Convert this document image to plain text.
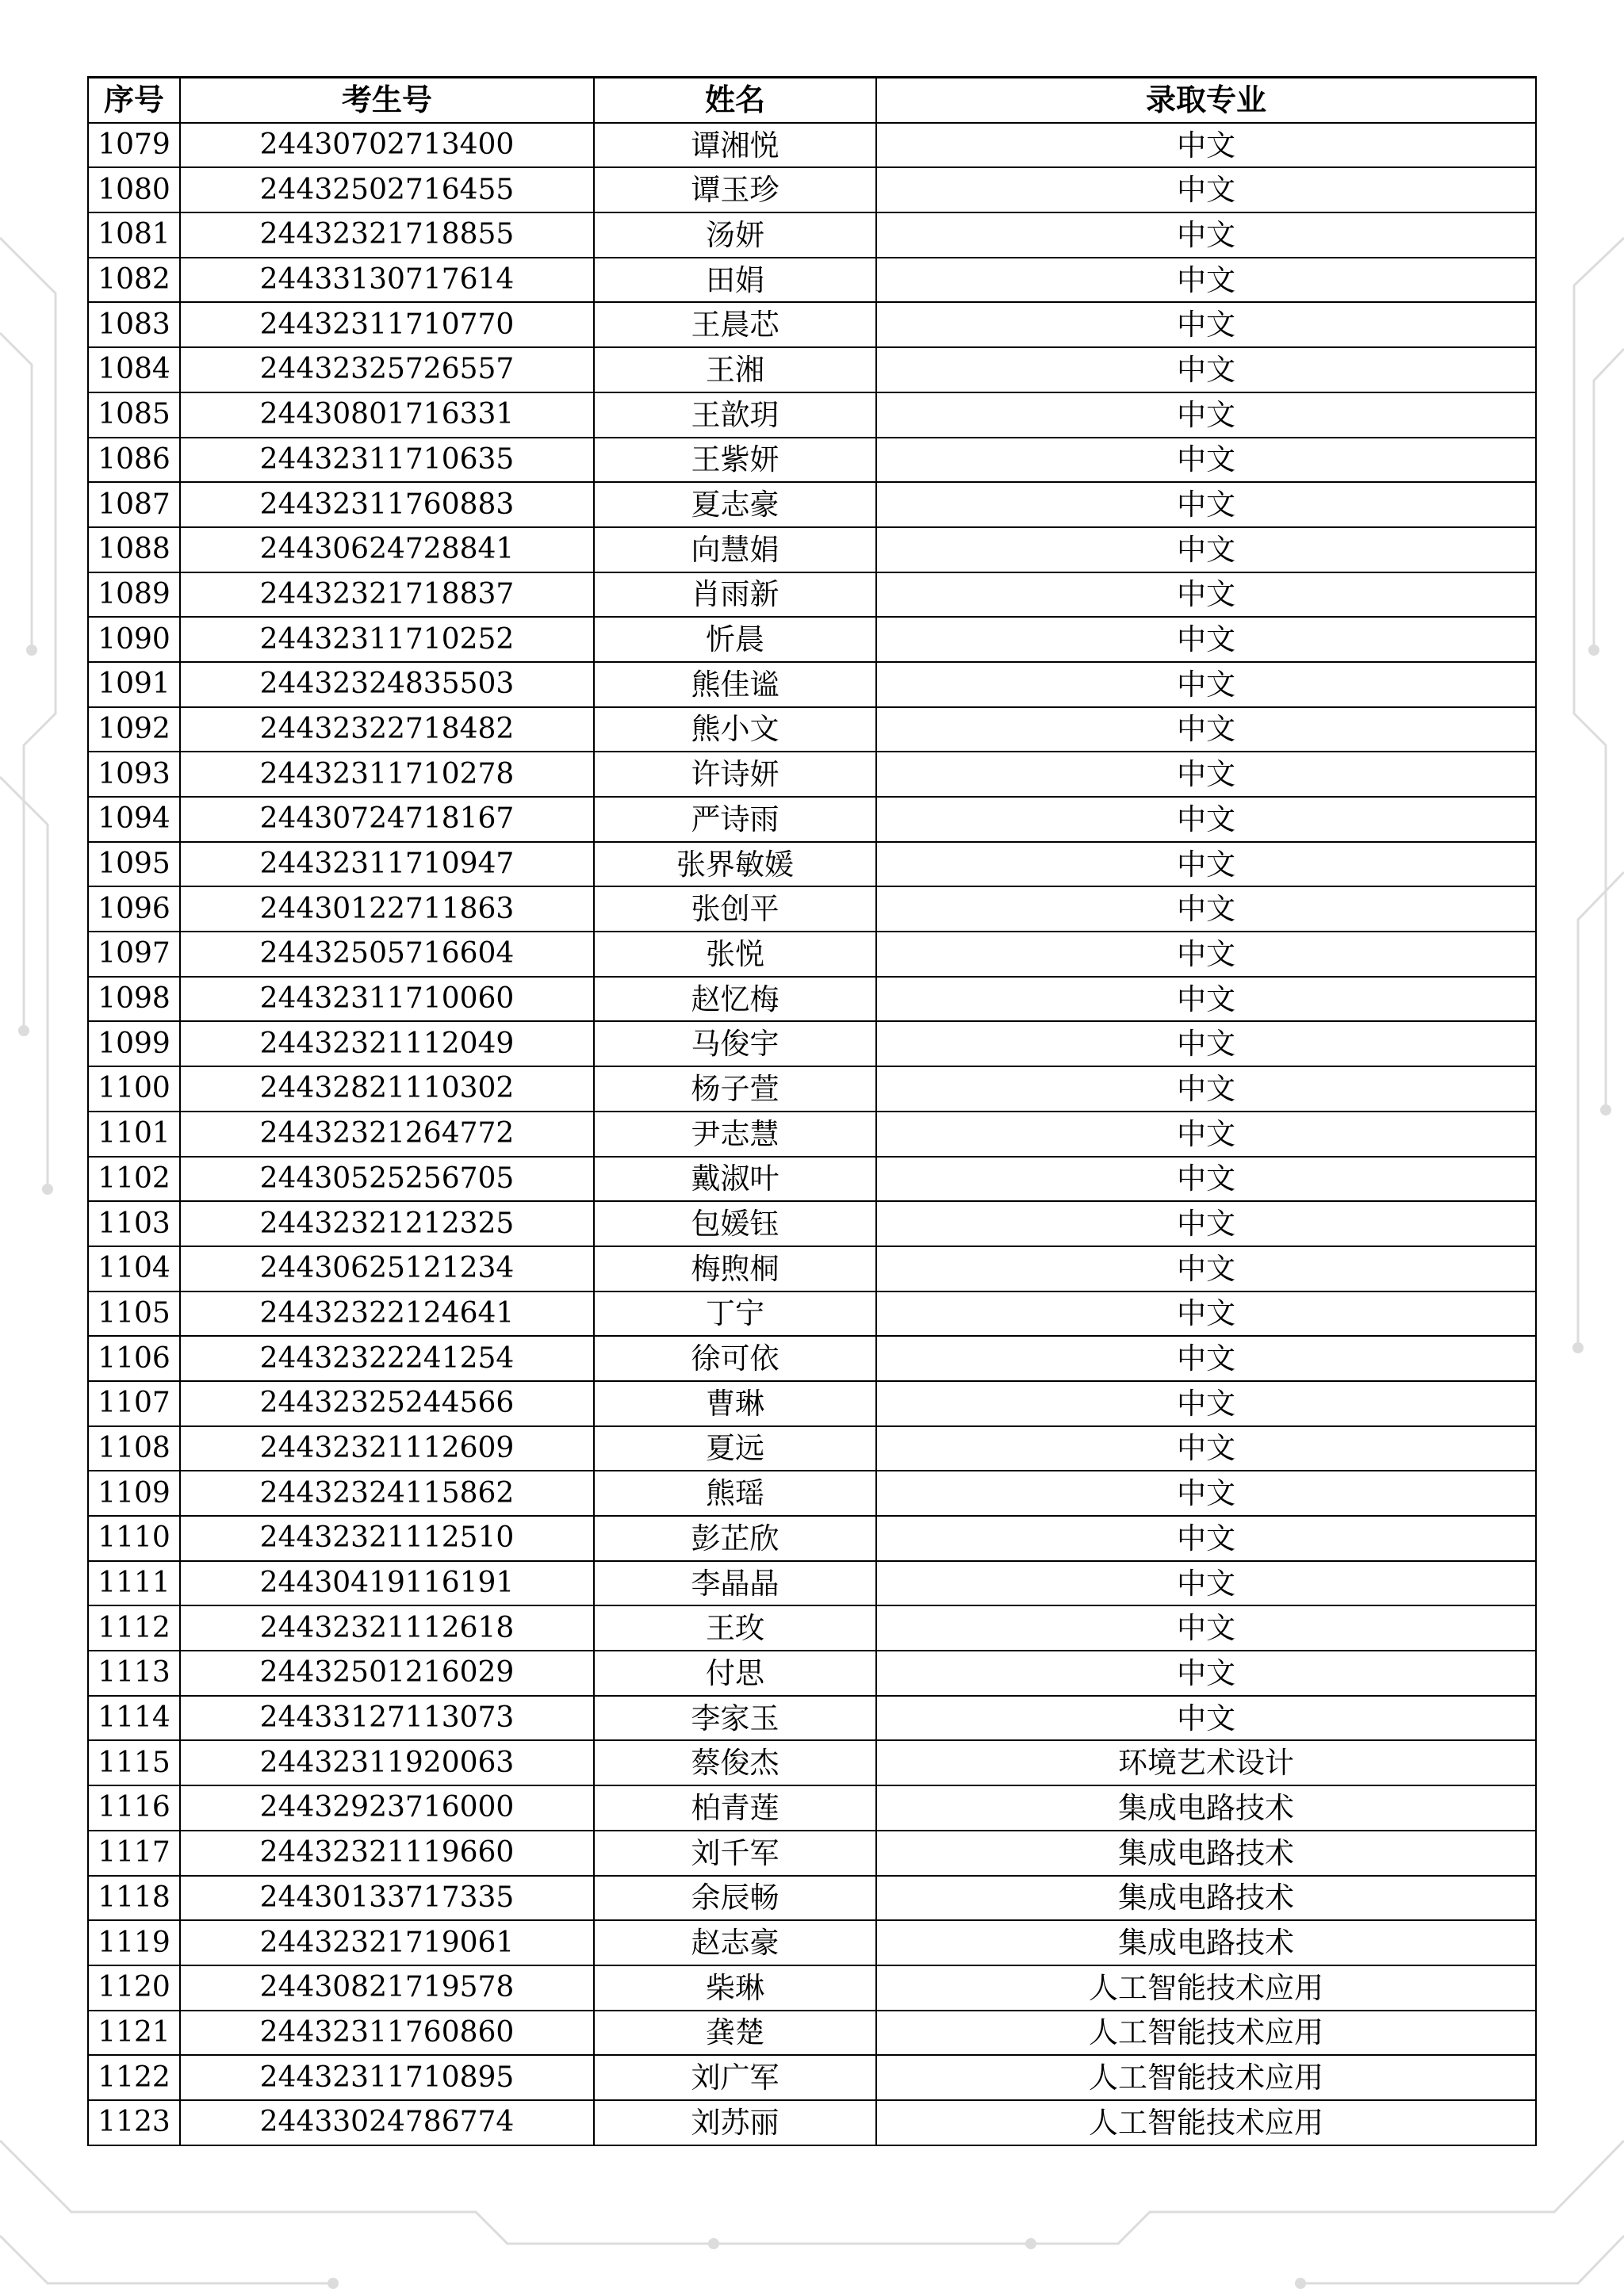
序号	考生号	姓名	录取专业
1079	24430702713400	谭湘悦	中文
1080	24432502716455	谭玉珍	中文
1081	24432321718855	汤妍	中文
1082	24433130717614	田娟	中文
1083	24432311710770	王晨芯	中文
1084	24432325726557	王湘	中文
1085	24430801716331	王歆玥	中文
1086	24432311710635	王紫妍	中文
1087	24432311760883	夏志豪	中文
1088	24430624728841	向慧娟	中文
1089	24432321718837	肖雨新	中文
1090	24432311710252	忻晨	中文
1091	24432324835503	熊佳谧	中文
1092	24432322718482	熊小文	中文
1093	24432311710278	许诗妍	中文
1094	24430724718167	严诗雨	中文
1095	24432311710947	张界敏媛	中文
1096	24430122711863	张创平	中文
1097	24432505716604	张悦	中文
1098	24432311710060	赵忆梅	中文
1099	24432321112049	马俊宇	中文
1100	24432821110302	杨子萱	中文
1101	24432321264772	尹志慧	中文
1102	24430525256705	戴淑叶	中文
1103	24432321212325	包媛钰	中文
1104	24430625121234	梅煦桐	中文
1105	24432322124641	丁宁	中文
1106	24432322241254	徐可依	中文
1107	24432325244566	曹琳	中文
1108	24432321112609	夏远	中文
1109	24432324115862	熊瑶	中文
1110	24432321112510	彭芷欣	中文
1111	24430419116191	李晶晶	中文
1112	24432321112618	王玫	中文
1113	24432501216029	付思	中文
1114	24433127113073	李家玉	中文
1115	24432311920063	蔡俊杰	环境艺术设计
1116	24432923716000	柏青莲	集成电路技术
1117	24432321119660	刘千军	集成电路技术
1118	24430133717335	余辰畅	集成电路技术
1119	24432321719061	赵志豪	集成电路技术
1120	24430821719578	柴琳	人工智能技术应用
1121	24432311760860	龚楚	人工智能技术应用
1122	24432311710895	刘广军	人工智能技术应用
1123	24433024786774	刘苏丽	人工智能技术应用
